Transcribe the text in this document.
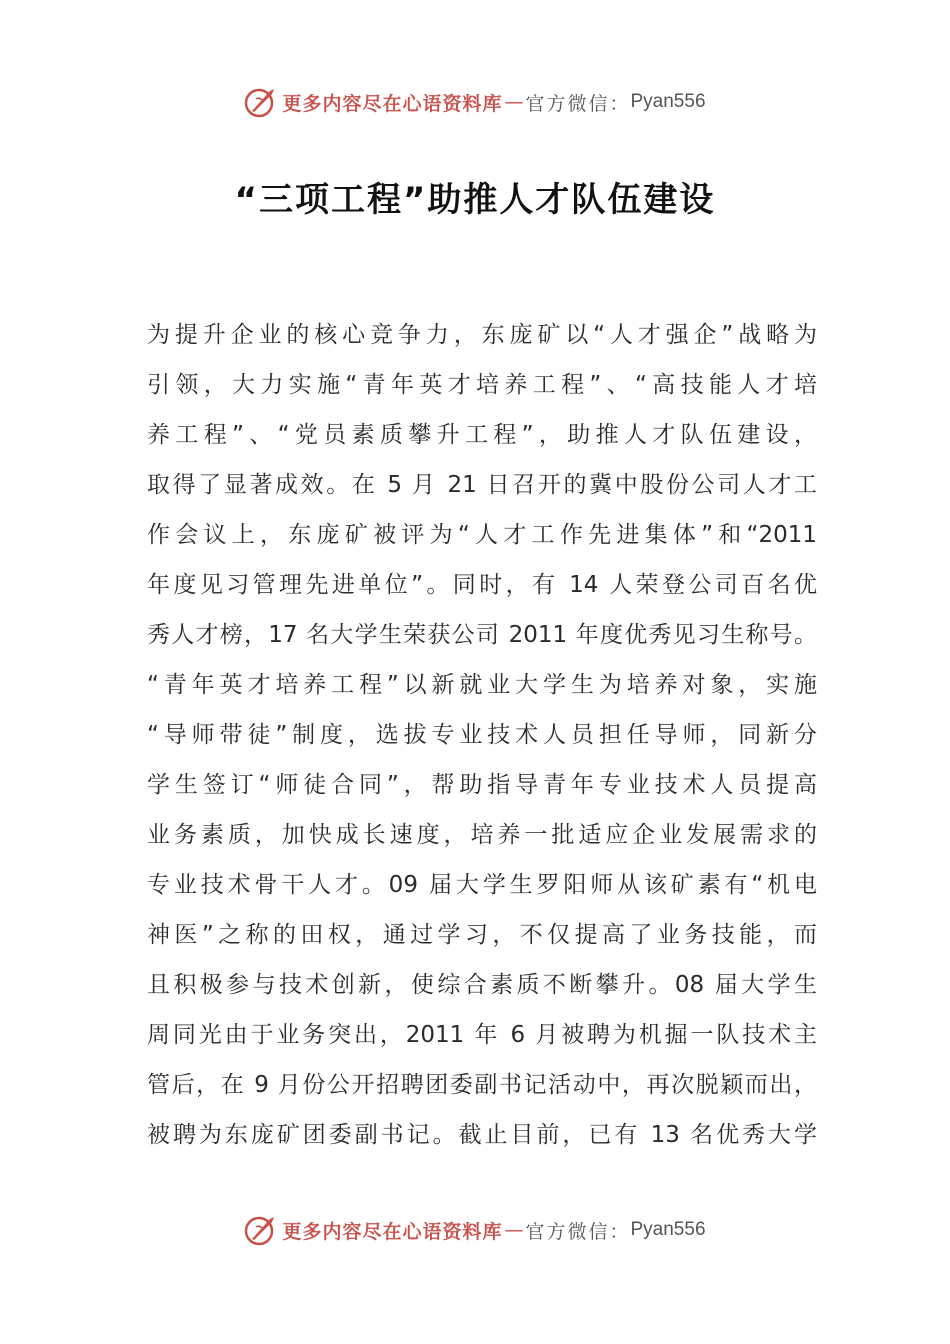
更多内容尽在心语资料库 — 官方微信： Pyan556
“三项工程”助推人才队伍建设
为提升企业的核心竞争力，东庞矿以“人才强企”战略为
引领，大力实施“青年英才培养工程”、“高技能人才培
养工程”、“党员素质攀升工程”，助推人才队伍建设，
取得了显著成效。在 5 月 21 日召开的冀中股份公司人才工
作会议上，东庞矿被评为“人才工作先进集体”和“2011
年度见习管理先进单位”。同时，有 14 人荣登公司百名优
秀人才榜，17 名大学生荣获公司 2011 年度优秀见习生称号。
“青年英才培养工程”以新就业大学生为培养对象，实施
“导师带徒”制度，选拔专业技术人员担任导师，同新分
学生签订“师徒合同”，帮助指导青年专业技术人员提高
业务素质，加快成长速度，培养一批适应企业发展需求的
专业技术骨干人才。09 届大学生罗阳师从该矿素有“机电
神医”之称的田权，通过学习，不仅提高了业务技能，而
且积极参与技术创新，使综合素质不断攀升。08 届大学生
周同光由于业务突出，2011 年 6 月被聘为机掘一队技术主
管后，在 9 月份公开招聘团委副书记活动中，再次脱颖而出，
被聘为东庞矿团委副书记。截止目前，已有 13 名优秀大学
更多内容尽在心语资料库 — 官方微信： Pyan556
